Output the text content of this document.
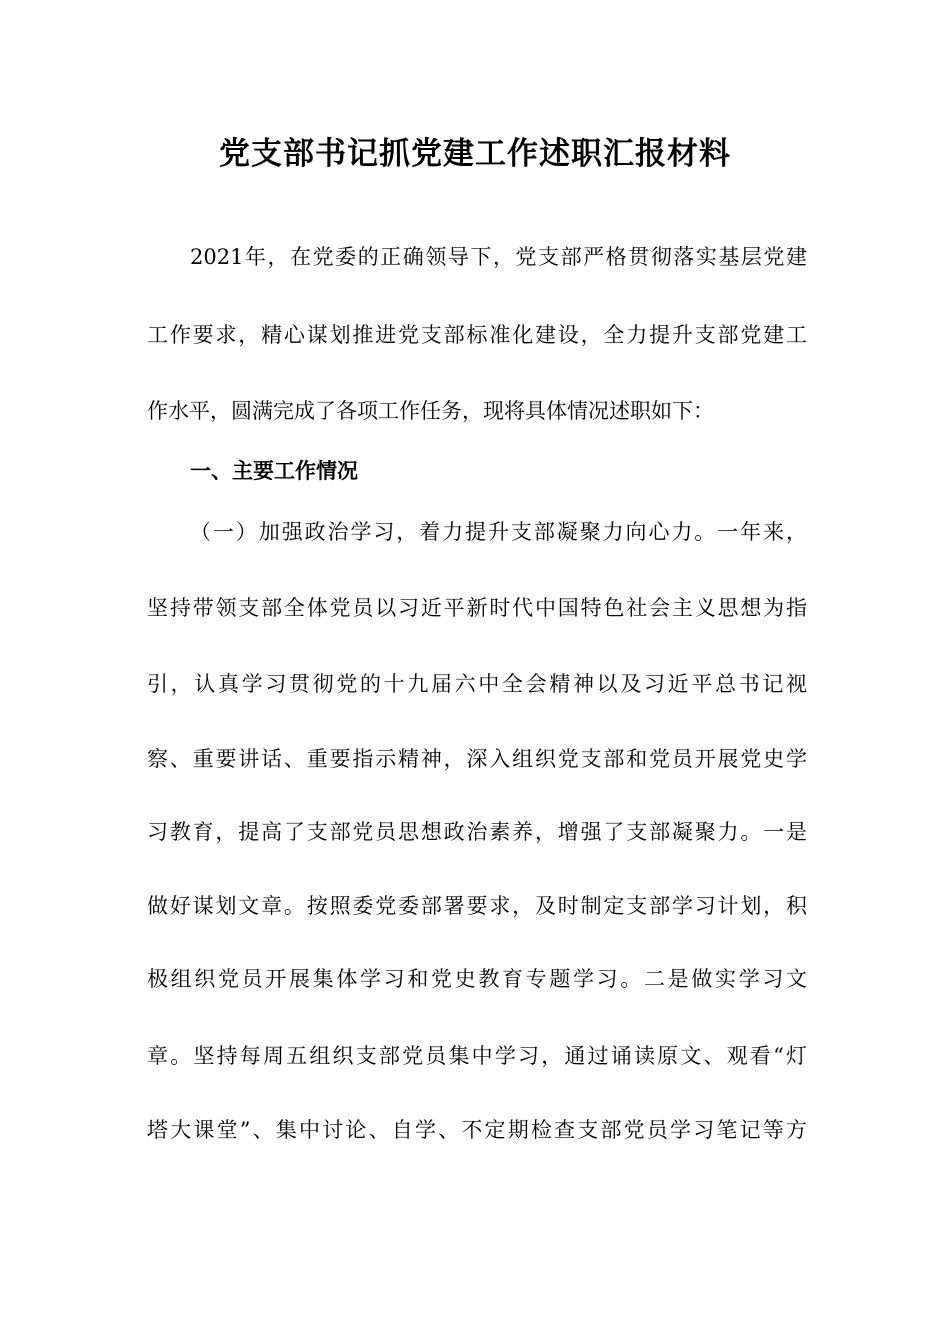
党支部书记抓党建工作述职汇报材料

2021年，在党委的正确领导下，党支部严格贯彻落实基层党建

工作要求，精心谋划推进党支部标准化建设，全力提升支部党建工

作水平，圆满完成了各项工作任务，现将具体情况述职如下：

一、主要工作情况

（一）加强政治学习，着力提升支部凝聚力向心力。一年来，

坚持带领支部全体党员以习近平新时代中国特色社会主义思想为指

引，认真学习贯彻党的十九届六中全会精神以及习近平总书记视

察、重要讲话、重要指示精神，深入组织党支部和党员开展党史学

习教育，提高了支部党员思想政治素养，增强了支部凝聚力。一是

做好谋划文章。按照委党委部署要求，及时制定支部学习计划，积

极组织党员开展集体学习和党史教育专题学习。二是做实学习文

章。坚持每周五组织支部党员集中学习，通过诵读原文、观看“灯

塔大课堂”、集中讨论、自学、不定期检查支部党员学习笔记等方
